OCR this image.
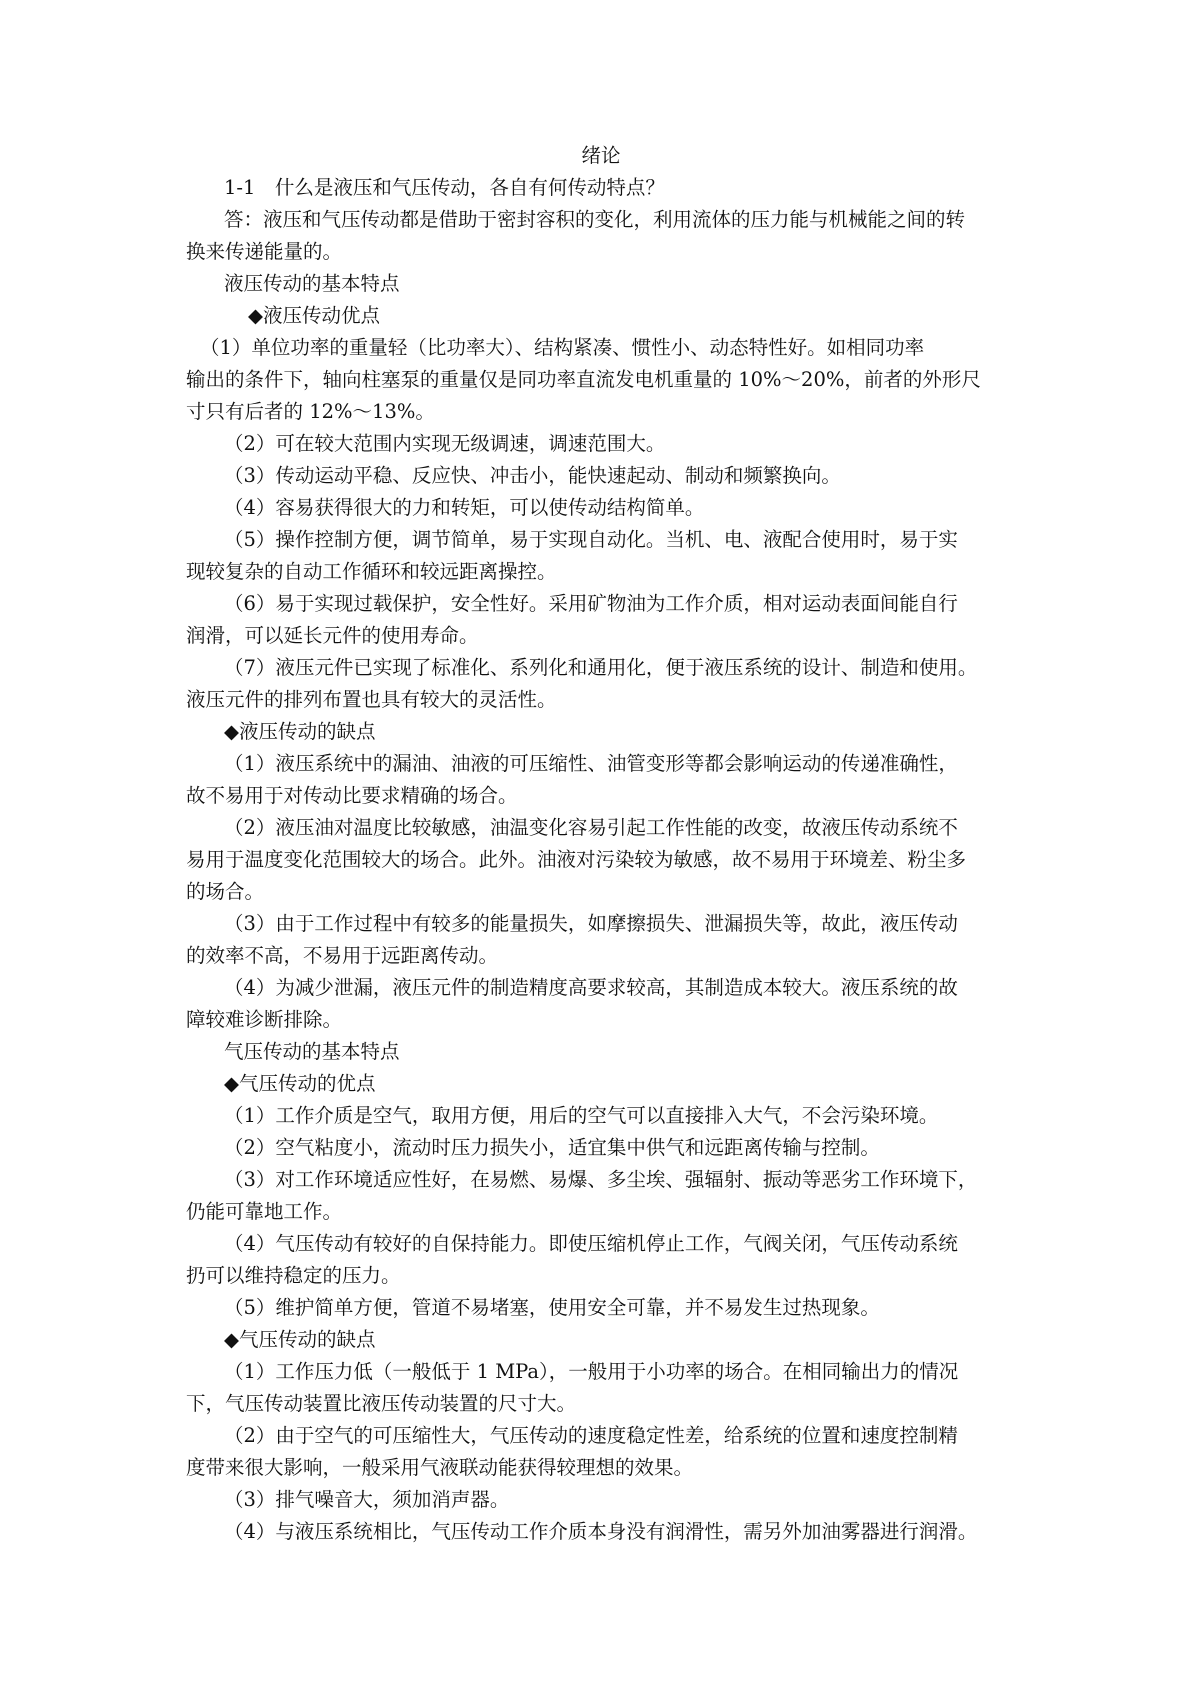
绪论
1-1　什么是液压和气压传动，各自有何传动特点？
答：液压和气压传动都是借助于密封容积的变化，利用流体的压力能与机械能之间的转
换来传递能量的。
液压传动的基本特点
◆液压传动优点
（1）单位功率的重量轻（比功率大）、结构紧凑、惯性小、动态特性好。如相同功率
输出的条件下，轴向柱塞泵的重量仅是同功率直流发电机重量的 10%～20%，前者的外形尺
寸只有后者的 12%～13%。
（2）可在较大范围内实现无级调速，调速范围大。
（3）传动运动平稳、反应快、冲击小，能快速起动、制动和频繁换向。
（4）容易获得很大的力和转矩，可以使传动结构简单。
（5）操作控制方便，调节简单，易于实现自动化。当机、电、液配合使用时，易于实
现较复杂的自动工作循环和较远距离操控。
（6）易于实现过载保护，安全性好。采用矿物油为工作介质，相对运动表面间能自行
润滑，可以延长元件的使用寿命。
（7）液压元件已实现了标准化、系列化和通用化，便于液压系统的设计、制造和使用。
液压元件的排列布置也具有较大的灵活性。
◆液压传动的缺点
（1）液压系统中的漏油、油液的可压缩性、油管变形等都会影响运动的传递准确性，
故不易用于对传动比要求精确的场合。
（2）液压油对温度比较敏感，油温变化容易引起工作性能的改变，故液压传动系统不
易用于温度变化范围较大的场合。此外。油液对污染较为敏感，故不易用于环境差、粉尘多
的场合。
（3）由于工作过程中有较多的能量损失，如摩擦损失、泄漏损失等，故此，液压传动
的效率不高，不易用于远距离传动。
（4）为减少泄漏，液压元件的制造精度高要求较高，其制造成本较大。液压系统的故
障较难诊断排除。
气压传动的基本特点
◆气压传动的优点
（1）工作介质是空气，取用方便，用后的空气可以直接排入大气，不会污染环境。
（2）空气粘度小，流动时压力损失小，适宜集中供气和远距离传输与控制。
（3）对工作环境适应性好，在易燃、易爆、多尘埃、强辐射、振动等恶劣工作环境下，
仍能可靠地工作。
（4）气压传动有较好的自保持能力。即使压缩机停止工作，气阀关闭，气压传动系统
扔可以维持稳定的压力。
（5）维护简单方便，管道不易堵塞，使用安全可靠，并不易发生过热现象。
◆气压传动的缺点
（1）工作压力低（一般低于 1 MPa），一般用于小功率的场合。在相同输出力的情况
下，气压传动装置比液压传动装置的尺寸大。
（2）由于空气的可压缩性大，气压传动的速度稳定性差，给系统的位置和速度控制精
度带来很大影响，一般采用气液联动能获得较理想的效果。
（3）排气噪音大，须加消声器。
（4）与液压系统相比，气压传动工作介质本身没有润滑性，需另外加油雾器进行润滑。
